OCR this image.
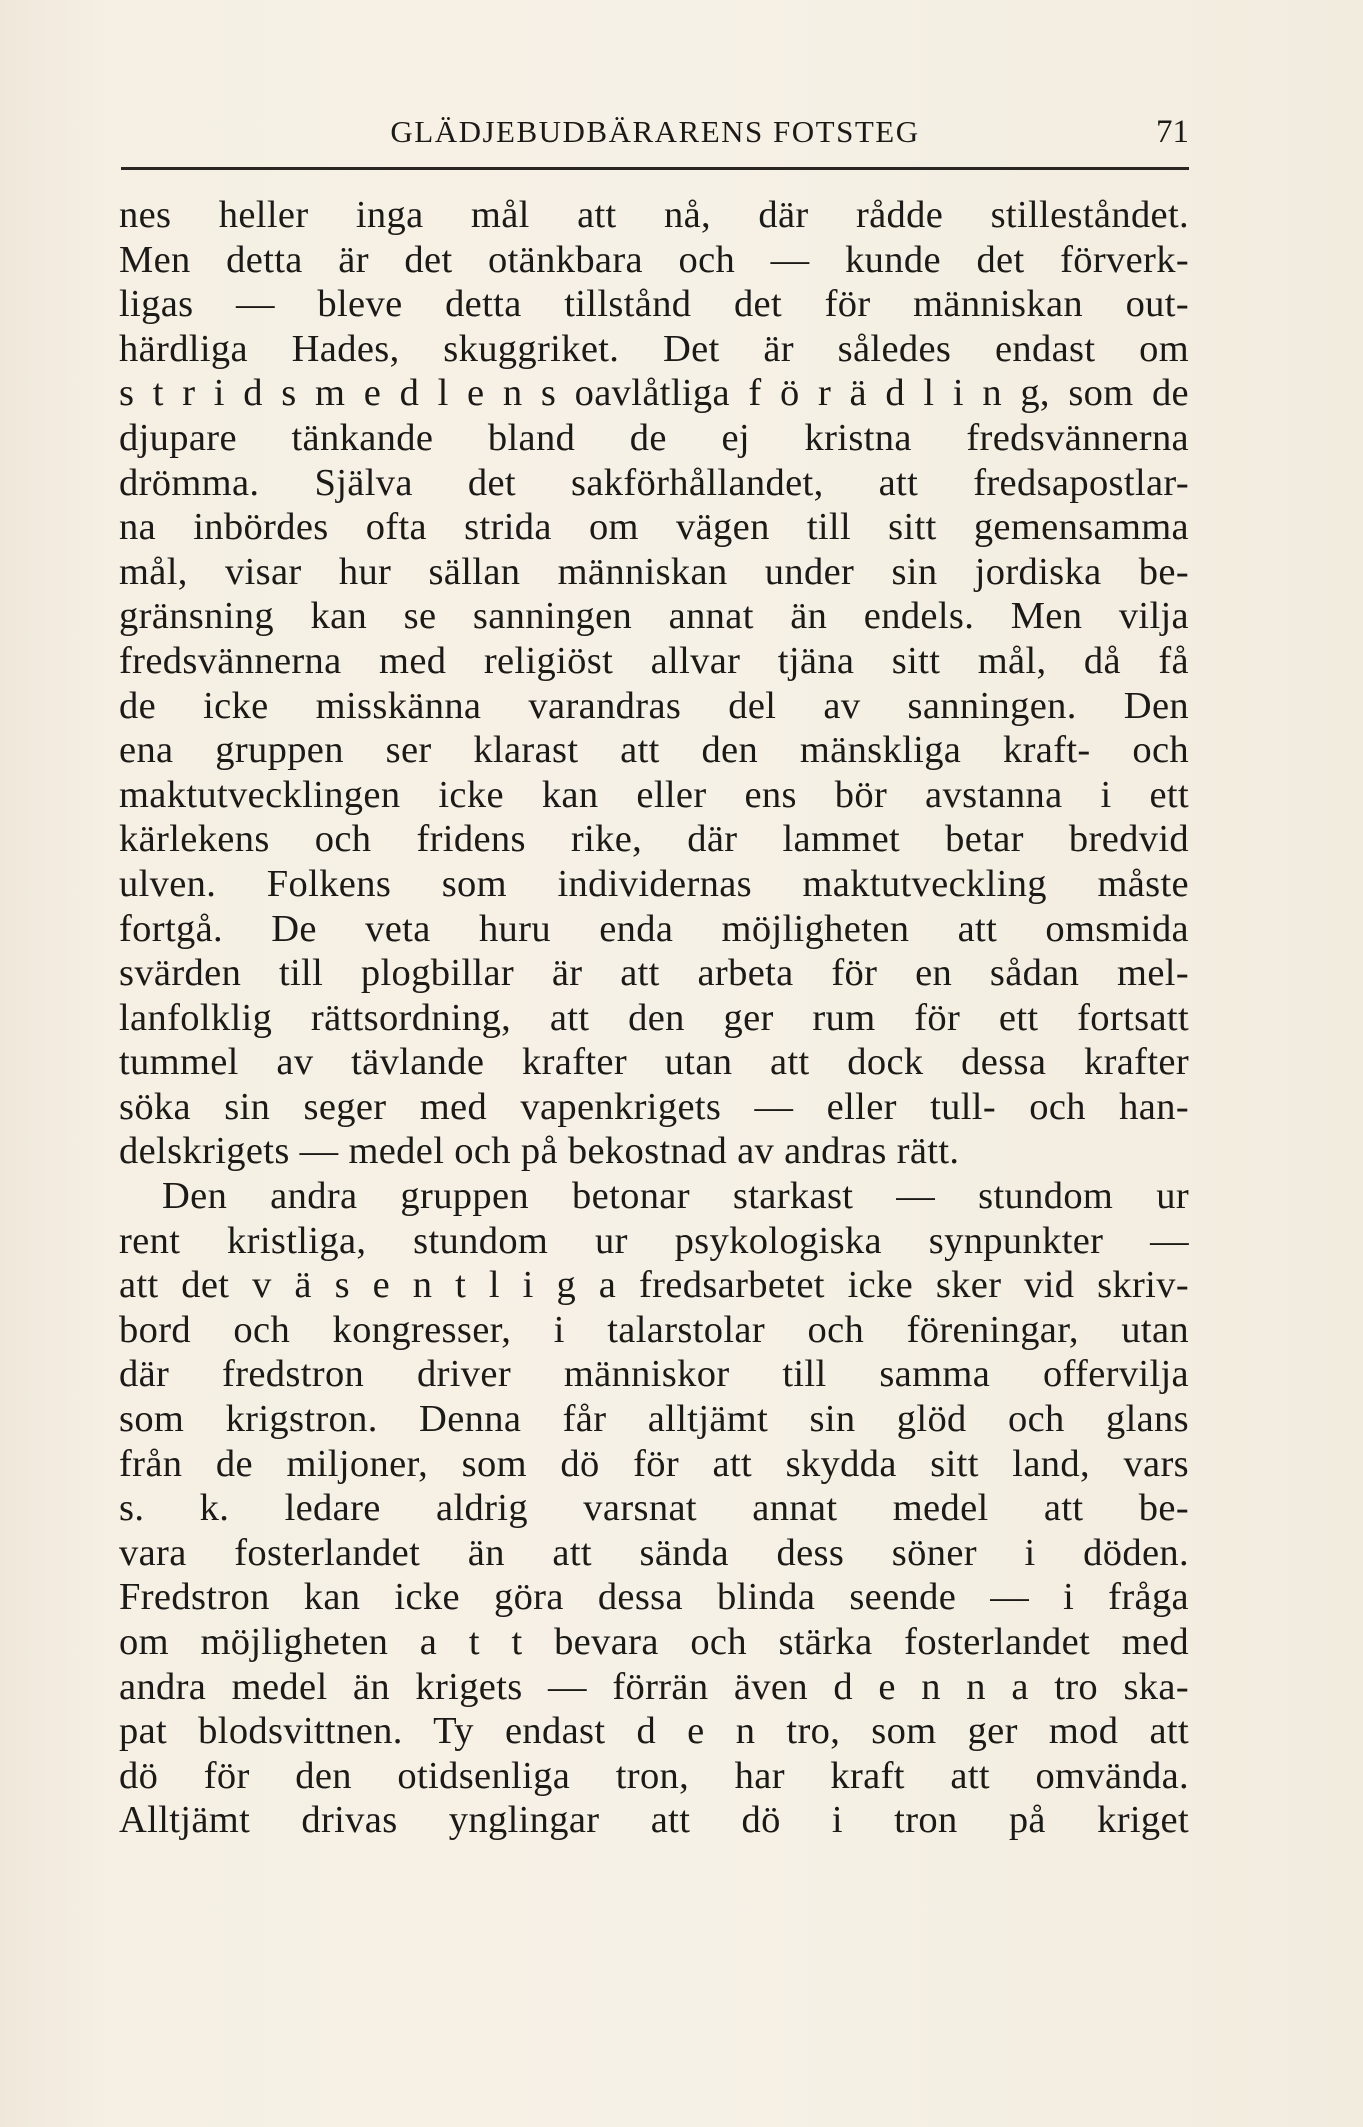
GLÄDJEBUDBÄRARENS FOTSTEG	71
nes heller inga mål att nå, där rådde stilleståndet.
Men detta är det otänkbara och — kunde det förverk-
ligas — bleve detta tillstånd det för människan out-
härdliga Hades, skuggriket. Det är således endast om
s t r i d s m e d l e n s oavlåtliga f ö r ä d l i n g, som de
djupare tänkande bland de ej kristna fredsvännerna
drömma. Själva det sakförhållandet, att fredsapostlar-
na inbördes ofta strida om vägen till sitt gemensamma
mål, visar hur sällan människan under sin jordiska be-
gränsning kan se sanningen annat än endels. Men vilja
fredsvännerna med religiöst allvar tjäna sitt mål, då få
de icke misskänna varandras del av sanningen. Den
ena gruppen ser klarast att den mänskliga kraft- och
maktutvecklingen icke kan eller ens bör avstanna i ett
kärlekens och fridens rike, där lammet betar bredvid
ulven. Folkens som individernas maktutveckling måste
fortgå. De veta huru enda möjligheten att omsmida
svärden till plogbillar är att arbeta för en sådan mel-
lanfolklig rättsordning, att den ger rum för ett fortsatt
tummel av tävlande krafter utan att dock dessa krafter
söka sin seger med vapenkrigets — eller tull- och han-
delskrigets — medel och på bekostnad av andras rätt.
Den andra gruppen betonar starkast — stundom ur
rent kristliga, stundom ur psykologiska synpunkter —
att det v ä s e n t l i g a fredsarbetet icke sker vid skriv-
bord och kongresser, i talarstolar och föreningar, utan
där fredstron driver människor till samma offervilja
som krigstron. Denna får alltjämt sin glöd och glans
från de miljoner, som dö för att skydda sitt land, vars
s. k. ledare aldrig varsnat annat medel att be-
vara fosterlandet än att sända dess söner i döden.
Fredstron kan icke göra dessa blinda seende — i fråga
om möjligheten a t t bevara och stärka fosterlandet med
andra medel än krigets — förrän även d e n n a tro ska-
pat blodsvittnen. Ty endast d e n tro, som ger mod att
dö för den otidsenliga tron, har kraft att omvända.
Alltjämt drivas ynglingar att dö i tron på kriget
